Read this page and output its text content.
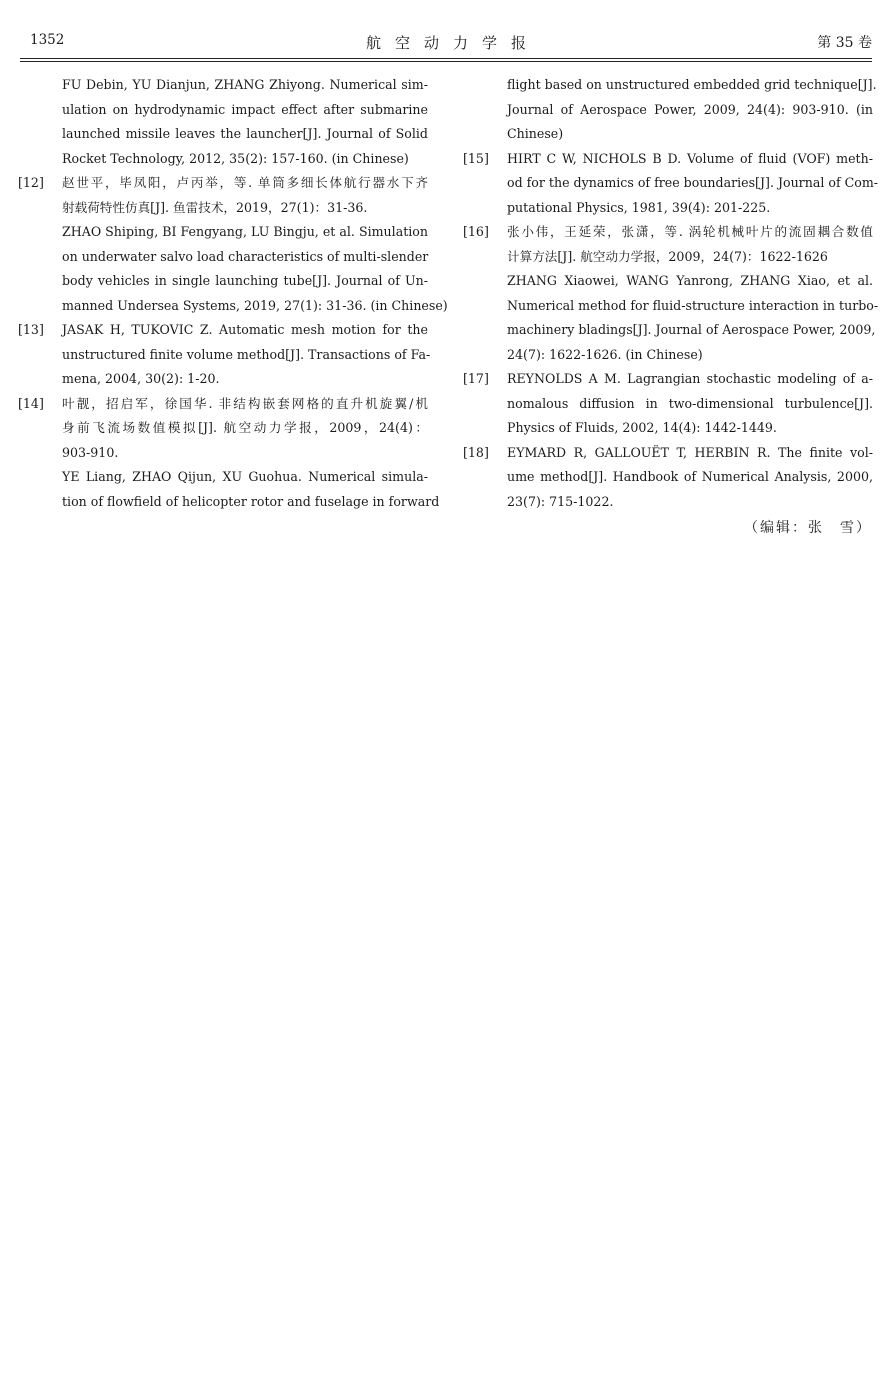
1352	航空动力学报	第 35 卷
FU Debin, YU Dianjun, ZHANG Zhiyong. Numerical sim-
ulation on hydrodynamic impact effect after submarine
launched missile leaves the launcher[J]. Journal of Solid
Rocket Technology, 2012, 35(2): 157-160. (in Chinese)
[12] 赵世平，毕凤阳，卢丙举，等. 单筒多细长体航行器水下齐
射载荷特性仿真[J]. 鱼雷技术，2019，27(1)：31-36.
ZHAO Shiping, BI Fengyang, LU Bingju, et al. Simulation
on underwater salvo load characteristics of multi-slender
body vehicles in single launching tube[J]. Journal of Un-
manned Undersea Systems, 2019, 27(1): 31-36. (in Chinese)
[13] JASAK H, TUKOVIC Z. Automatic mesh motion for the
unstructured finite volume method[J]. Transactions of Fa-
mena, 2004, 30(2): 1-20.
[14] 叶靓，招启军，徐国华. 非结构嵌套网格的直升机旋翼/机
身前飞流场数值模拟[J]. 航空动力学报，2009，24(4)：
903-910.
YE Liang, ZHAO Qijun, XU Guohua. Numerical simula-
tion of flowfield of helicopter rotor and fuselage in forward
flight based on unstructured embedded grid technique[J].
Journal of Aerospace Power, 2009, 24(4): 903-910. (in
Chinese)
[15] HIRT C W, NICHOLS B D. Volume of fluid (VOF) meth-
od for the dynamics of free boundaries[J]. Journal of Com-
putational Physics, 1981, 39(4): 201-225.
[16] 张小伟，王延荣，张潇，等. 涡轮机械叶片的流固耦合数值
计算方法[J]. 航空动力学报，2009，24(7)：1622-1626
ZHANG Xiaowei, WANG Yanrong, ZHANG Xiao, et al.
Numerical method for fluid-structure interaction in turbo-
machinery bladings[J]. Journal of Aerospace Power, 2009,
24(7): 1622-1626. (in Chinese)
[17] REYNOLDS A M. Lagrangian stochastic modeling of a-
nomalous diffusion in two-dimensional turbulence[J].
Physics of Fluids, 2002, 14(4): 1442-1449.
[18] EYMARD R, GALLOUËT T, HERBIN R. The finite vol-
ume method[J]. Handbook of Numerical Analysis, 2000,
23(7): 715-1022.
（编辑：张　雪）
